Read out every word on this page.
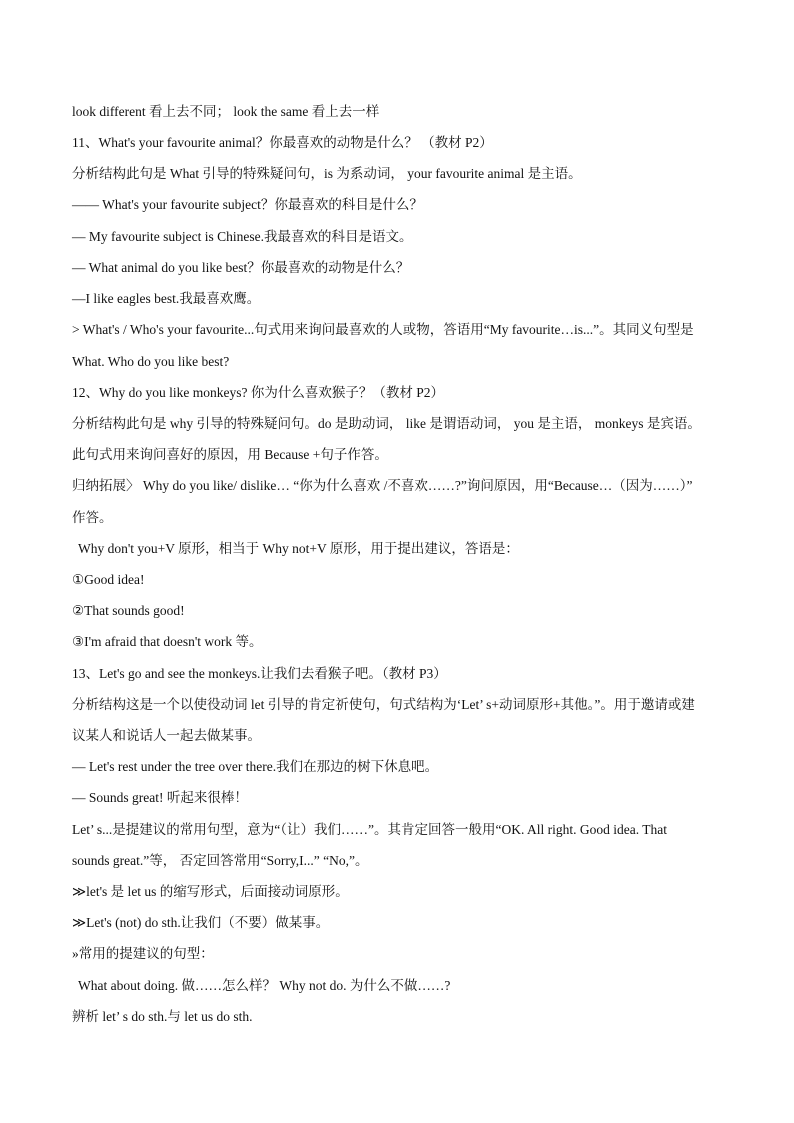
look different 看上去不同； look the same 看上去一样
11、What's your favourite animal？你最喜欢的动物是什么？ （教材 P2）
分析结构此句是 What 引导的特殊疑问句，is 为系动词， your favourite animal 是主语。
—— What's your favourite subject？你最喜欢的科目是什么？
— My favourite subject is Chinese.我最喜欢的科目是语文。
— What animal do you like best？你最喜欢的动物是什么？
—I like eagles best.我最喜欢鹰。
> What's / Who's your favourite...句式用来询问最喜欢的人或物，答语用“My favourite…is...”。其同义句型是
What. Who do you like best?
12、Why do you like monkeys? 你为什么喜欢猴子？（教材 P2）
分析结构此句是 why 引导的特殊疑问句。do 是助动词， like 是谓语动词， you 是主语， monkeys 是宾语。
此句式用来询问喜好的原因，用 Because +句子作答。
归纳拓展〉 Why do you like/ dislike… “你为什么喜欢 /不喜欢……?”询问原因，用“Because…（因为……）”
作答。
Why don't you+V 原形，相当于 Why not+V 原形，用于提出建议，答语是：
①Good idea!
②That sounds good!
③I'm afraid that doesn't work 等。
13、Let's go and see the monkeys.让我们去看猴子吧。（教材 P3）
分析结构这是一个以使役动词 let 引导的肯定祈使句，句式结构为‘Let’ s+动词原形+其他。”。用于邀请或建
议某人和说话人一起去做某事。
— Let's rest under the tree over there.我们在那边的树下休息吧。
— Sounds great! 听起来很棒！
Let’ s...是提建议的常用句型，意为“（让）我们……”。其肯定回答一般用“OK. All right. Good idea. That
sounds great.”等， 否定回答常用“Sorry,I...” “No,”。
≫let's 是 let us 的缩写形式，后面接动词原形。
≫Let's (not) do sth.让我们（不要）做某事。
»常用的提建议的句型：
What about doing. 做……怎么样？ Why not do. 为什么不做……?
辨析 let’ s do sth.与 let us do sth.
